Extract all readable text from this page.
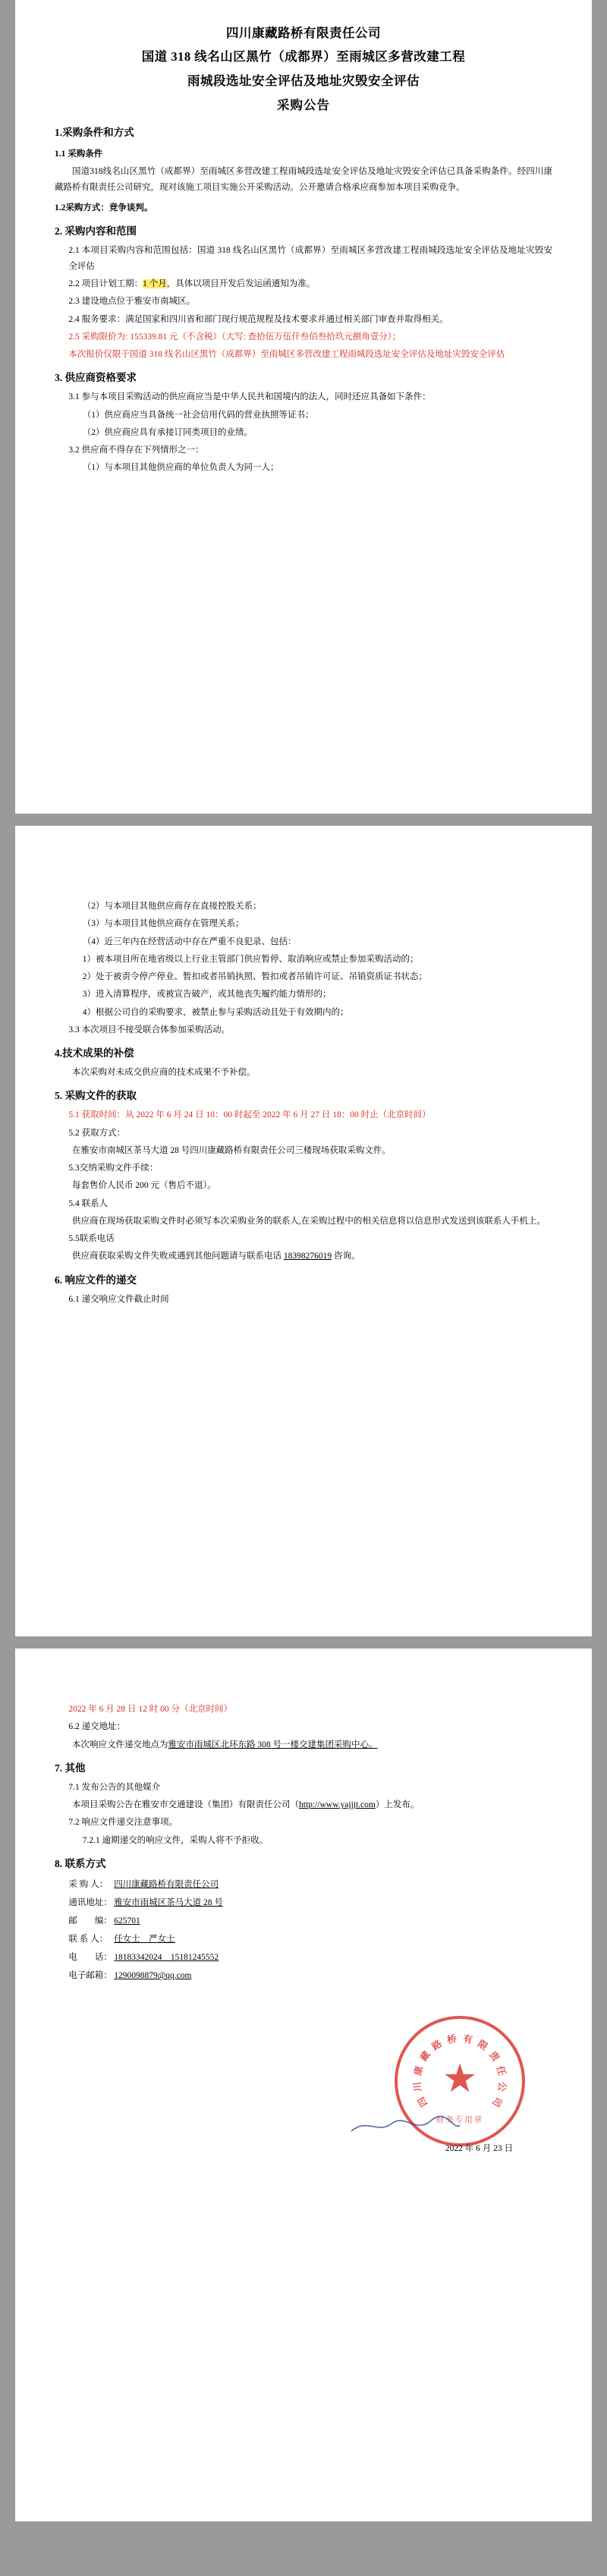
四川康藏路桥有限责任公司
国道 318 线名山区黑竹（成都界）至雨城区多营改建工程
雨城段选址安全评估及地址灾毁安全评估
采购公告
1.采购条件和方式
1.1 采购条件

国道318线名山区黑竹（成都界）至雨城区多营改建工程雨城段选址安全评估及地址灾毁安全评估已具备采购条件。经四川康藏路桥有限责任公司研究，现对该施工项目实施公开采购活动。公开邀请合格承应商参加本项目采购竞争。

1.2采购方式：竞争谈判。
2. 采购内容和范围

2.1 本项目采购内容和范围包括：国道 318 线名山区黑竹（成都界）至雨城区多营改建工程雨城段选址安全评估及地址灾毁安全评估

2.2 项目计划工期：1 个月，具体以项目开发后发运函通知为准。

2.3 建设地点位于雅安市南城区。

2.4 服务要求：满足国家和四川省和部门现行规范规程及技术要求并通过相关部门审查并取得相关。

2.5 采购限价为: 155339.81 元（不含税）（大写: 查拾伍万伍仟叁佰叁拾玖元捌角壹分）；

本次报价仅限于国道 318 线名山区黑竹（成都界）至雨城区多营改建工程雨城段选址安全评估及地址灾毁安全评估

3. 供应商资格要求

3.1 参与本项目采购活动的供应商应当是中华人民共和国境内的法人，同时还应具备如下条件：

（1）供应商应当具备统一社会信用代码的营业执照等证书；

（2）供应商应具有承接订同类项目的业绩。

3.2 供应商不得存在下列情形之一：

（1）与本项目其他供应商的单位负责人为同一人；

（2）与本项目其他供应商存在直接控股关系；

（3）与本项目其他供应商存在管理关系；

（4）近三年内在经营活动中存在严重不良犯录、包括：

1）被本项目所在地省级以上行业主管部门供应暂停、取消响应或禁止参加采购活动的；

2）处于被责令停产停业、暂扣或者吊销执照、暂扣或者吊销许可证、吊销资质证书状态；

3）进入清算程序，或被宣告破产，或其他丧失履约能力情形的；

4）根据公司自的采购要求，被禁止参与采购活动且处于有效期内的；

3.3 本次项目不接受联合体参加采购活动。

4.技术成果的补偿

本次采购对未成交供应商的技术成果不予补偿。

5. 采购文件的获取

5.1 获取时间：从 2022 年 6 月 24 日 10：00 时起至 2022 年 6 月 27 日 18：00 时止（北京时间）

5.2 获取方式：

在雅安市南城区茶马大道 28 号四川康藏路桥有限责任公司三楼现场获取采购文件。

5.3交纳采购文件手续：

每套售价人民币 200 元（售后不退）。

5.4 联系人

供应商在现场获取采购文件时必须写本次采购业务的联系人,在采购过程中的相关信息将以信息形式发送到该联系人手机上。

5.5联系电话

供应商获取采购文件失败或遇到其他问题请与联系电话 18398276019 咨询。

6. 响应文件的递交

6.1 递交响应文件截止时间

2022 年 6 月 28 日 12 时 00 分（北京时间）

6.2 递交地址：

本次响应文件递交地点为雅安市雨城区北环东路 308 号一楼交建集团采购中心。

7. 其他

7.1 发布公告的其他媒介

本项目采购公告在雅安市交通建设（集团）有限责任公司（http://www.yajjjt.com）上发布。

7.2 响应文件递交注意事项。

7.2.1 逾期递交的响应文件，采购人将不予拒收。

8. 联系方式

采 购 人： 四川康藏路桥有限责任公司

通讯地址： 雅安市雨城区茶马大道 28 号

邮　　编： 625701

联 系 人： 任女士　严女士

电　　话： 18183342024　15181245552

电子邮箱： 1290098879@qq.com

四
川
康
藏
路 桥 有 限
责
任
公
司
★
财务专用章
2022 年 6 月 23 日
